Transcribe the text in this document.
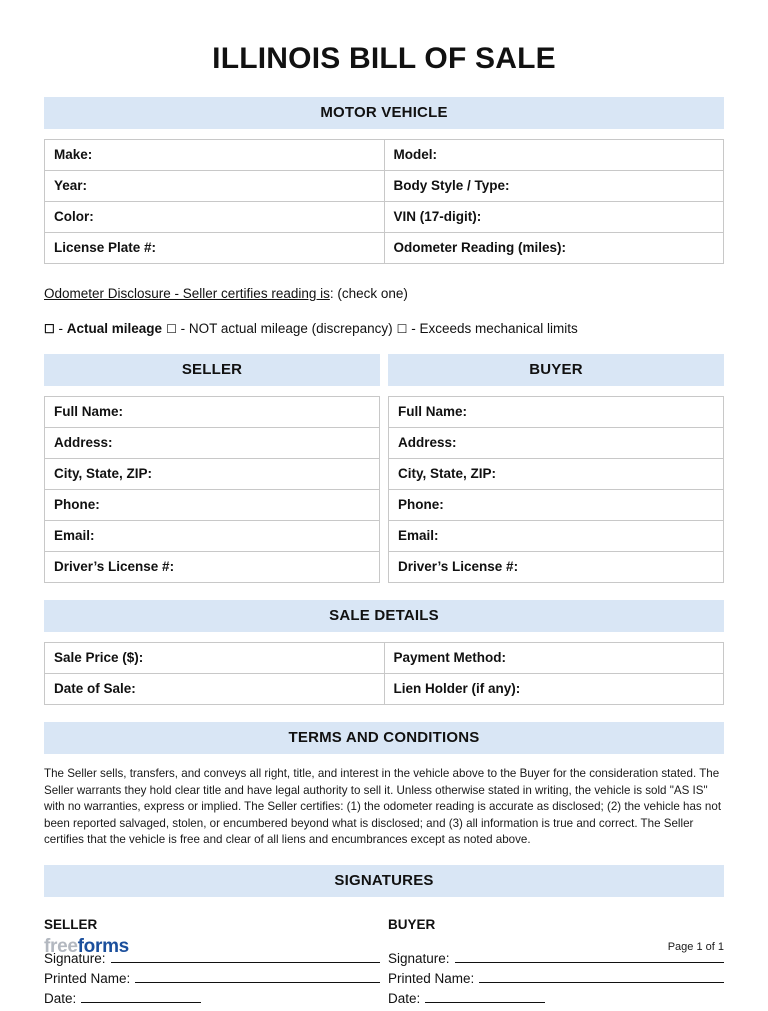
ILLINOIS BILL OF SALE
MOTOR VEHICLE
Make:	Model:
Year:	Body Style / Type:
Color:	VIN (17-digit):
License Plate #:	Odometer Reading (miles):
Odometer Disclosure - Seller certifies reading is: (check one)
☐ - Actual mileage ☐ - NOT actual mileage (discrepancy) ☐ - Exceeds mechanical limits
SELLER	BUYER
Full Name:
Address:
City, State, ZIP:
Phone:
Email:
Driver’s License #:
Full Name:
Address:
City, State, ZIP:
Phone:
Email:
Driver’s License #:
SALE DETAILS
Sale Price ($):	Payment Method:
Date of Sale:	Lien Holder (if any):
TERMS AND CONDITIONS

The Seller sells, transfers, and conveys all right, title, and interest in the vehicle above to the Buyer for the consideration stated. The Seller warrants they hold clear title and have legal authority to sell it. Unless otherwise stated in writing, the vehicle is sold "AS IS" with no warranties, express or implied. The Seller certifies: (1) the odometer reading is accurate as disclosed; (2) the vehicle has not been reported salvaged, stolen, or encumbered beyond what is disclosed; and (3) all information is true and correct. The Seller certifies that the vehicle is free and clear of all liens and encumbrances except as noted above.

SIGNATURES
SELLER
Signature:
Printed Name:
Date:
BUYER
Signature:
Printed Name:
Date:
freeforms	Page 1 of 1
